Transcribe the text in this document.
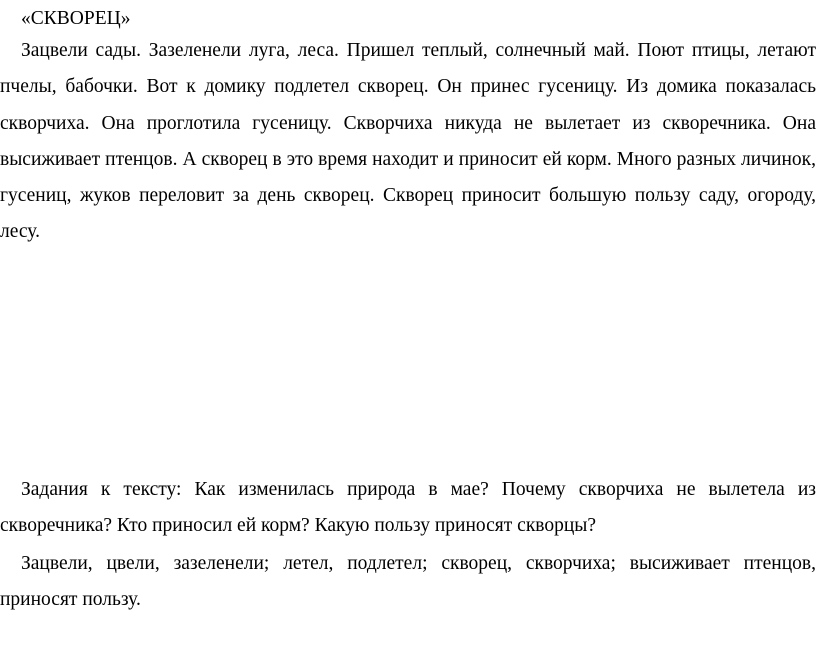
«СКВОРЕЦ»

Зацвели сады. Зазеленели луга, леса. Пришел теплый, солнечный май. Поют птицы, летают пчелы, бабочки. Вот к домику подлетел скворец. Он принес гусеницу. Из домика показалась скворчиха. Она проглотила гусеницу. Скворчиха никуда не вылетает из скворечника. Она высиживает птенцов. А скворец в это время находит и приносит ей корм. Много разных личинок, гусениц, жуков переловит за день скворец. Скворец приносит большую пользу саду, огороду, лесу.

Задания к тексту: Как изменилась природа в мае? Почему скворчиха не вылетела из скворечника? Кто приносил ей корм? Какую пользу приносят скворцы?

Зацвели, цвели, зазеленели; летел, подлетел; скворец, скворчиха; высиживает птенцов, приносят пользу.
